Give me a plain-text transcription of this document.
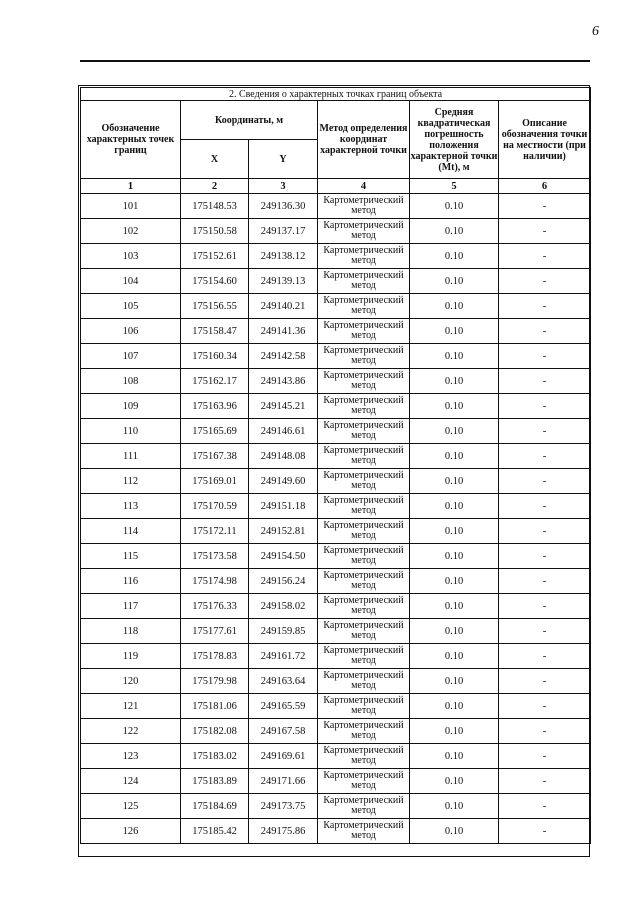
6
2. Сведения о характерных точках границ объекта					
Обозначение характерных точек границ	Координаты, м		Метод определения координат характерной точки	Средняя квадратическая погрешность положения характерной точки (Mt), м	Описание обозначения точки на местности (при наличии)
	X	Y			
1	2	3	4	5	6
101	175148.53	249136.30	Картометрический метод	0.10	-
102	175150.58	249137.17	Картометрический метод	0.10	-
103	175152.61	249138.12	Картометрический метод	0.10	-
104	175154.60	249139.13	Картометрический метод	0.10	-
105	175156.55	249140.21	Картометрический метод	0.10	-
106	175158.47	249141.36	Картометрический метод	0.10	-
107	175160.34	249142.58	Картометрический метод	0.10	-
108	175162.17	249143.86	Картометрический метод	0.10	-
109	175163.96	249145.21	Картометрический метод	0.10	-
110	175165.69	249146.61	Картометрический метод	0.10	-
111	175167.38	249148.08	Картометрический метод	0.10	-
112	175169.01	249149.60	Картометрический метод	0.10	-
113	175170.59	249151.18	Картометрический метод	0.10	-
114	175172.11	249152.81	Картометрический метод	0.10	-
115	175173.58	249154.50	Картометрический метод	0.10	-
116	175174.98	249156.24	Картометрический метод	0.10	-
117	175176.33	249158.02	Картометрический метод	0.10	-
118	175177.61	249159.85	Картометрический метод	0.10	-
119	175178.83	249161.72	Картометрический метод	0.10	-
120	175179.98	249163.64	Картометрический метод	0.10	-
121	175181.06	249165.59	Картометрический метод	0.10	-
122	175182.08	249167.58	Картометрический метод	0.10	-
123	175183.02	249169.61	Картометрический метод	0.10	-
124	175183.89	249171.66	Картометрический метод	0.10	-
125	175184.69	249173.75	Картометрический метод	0.10	-
126	175185.42	249175.86	Картометрический метод	0.10	-
